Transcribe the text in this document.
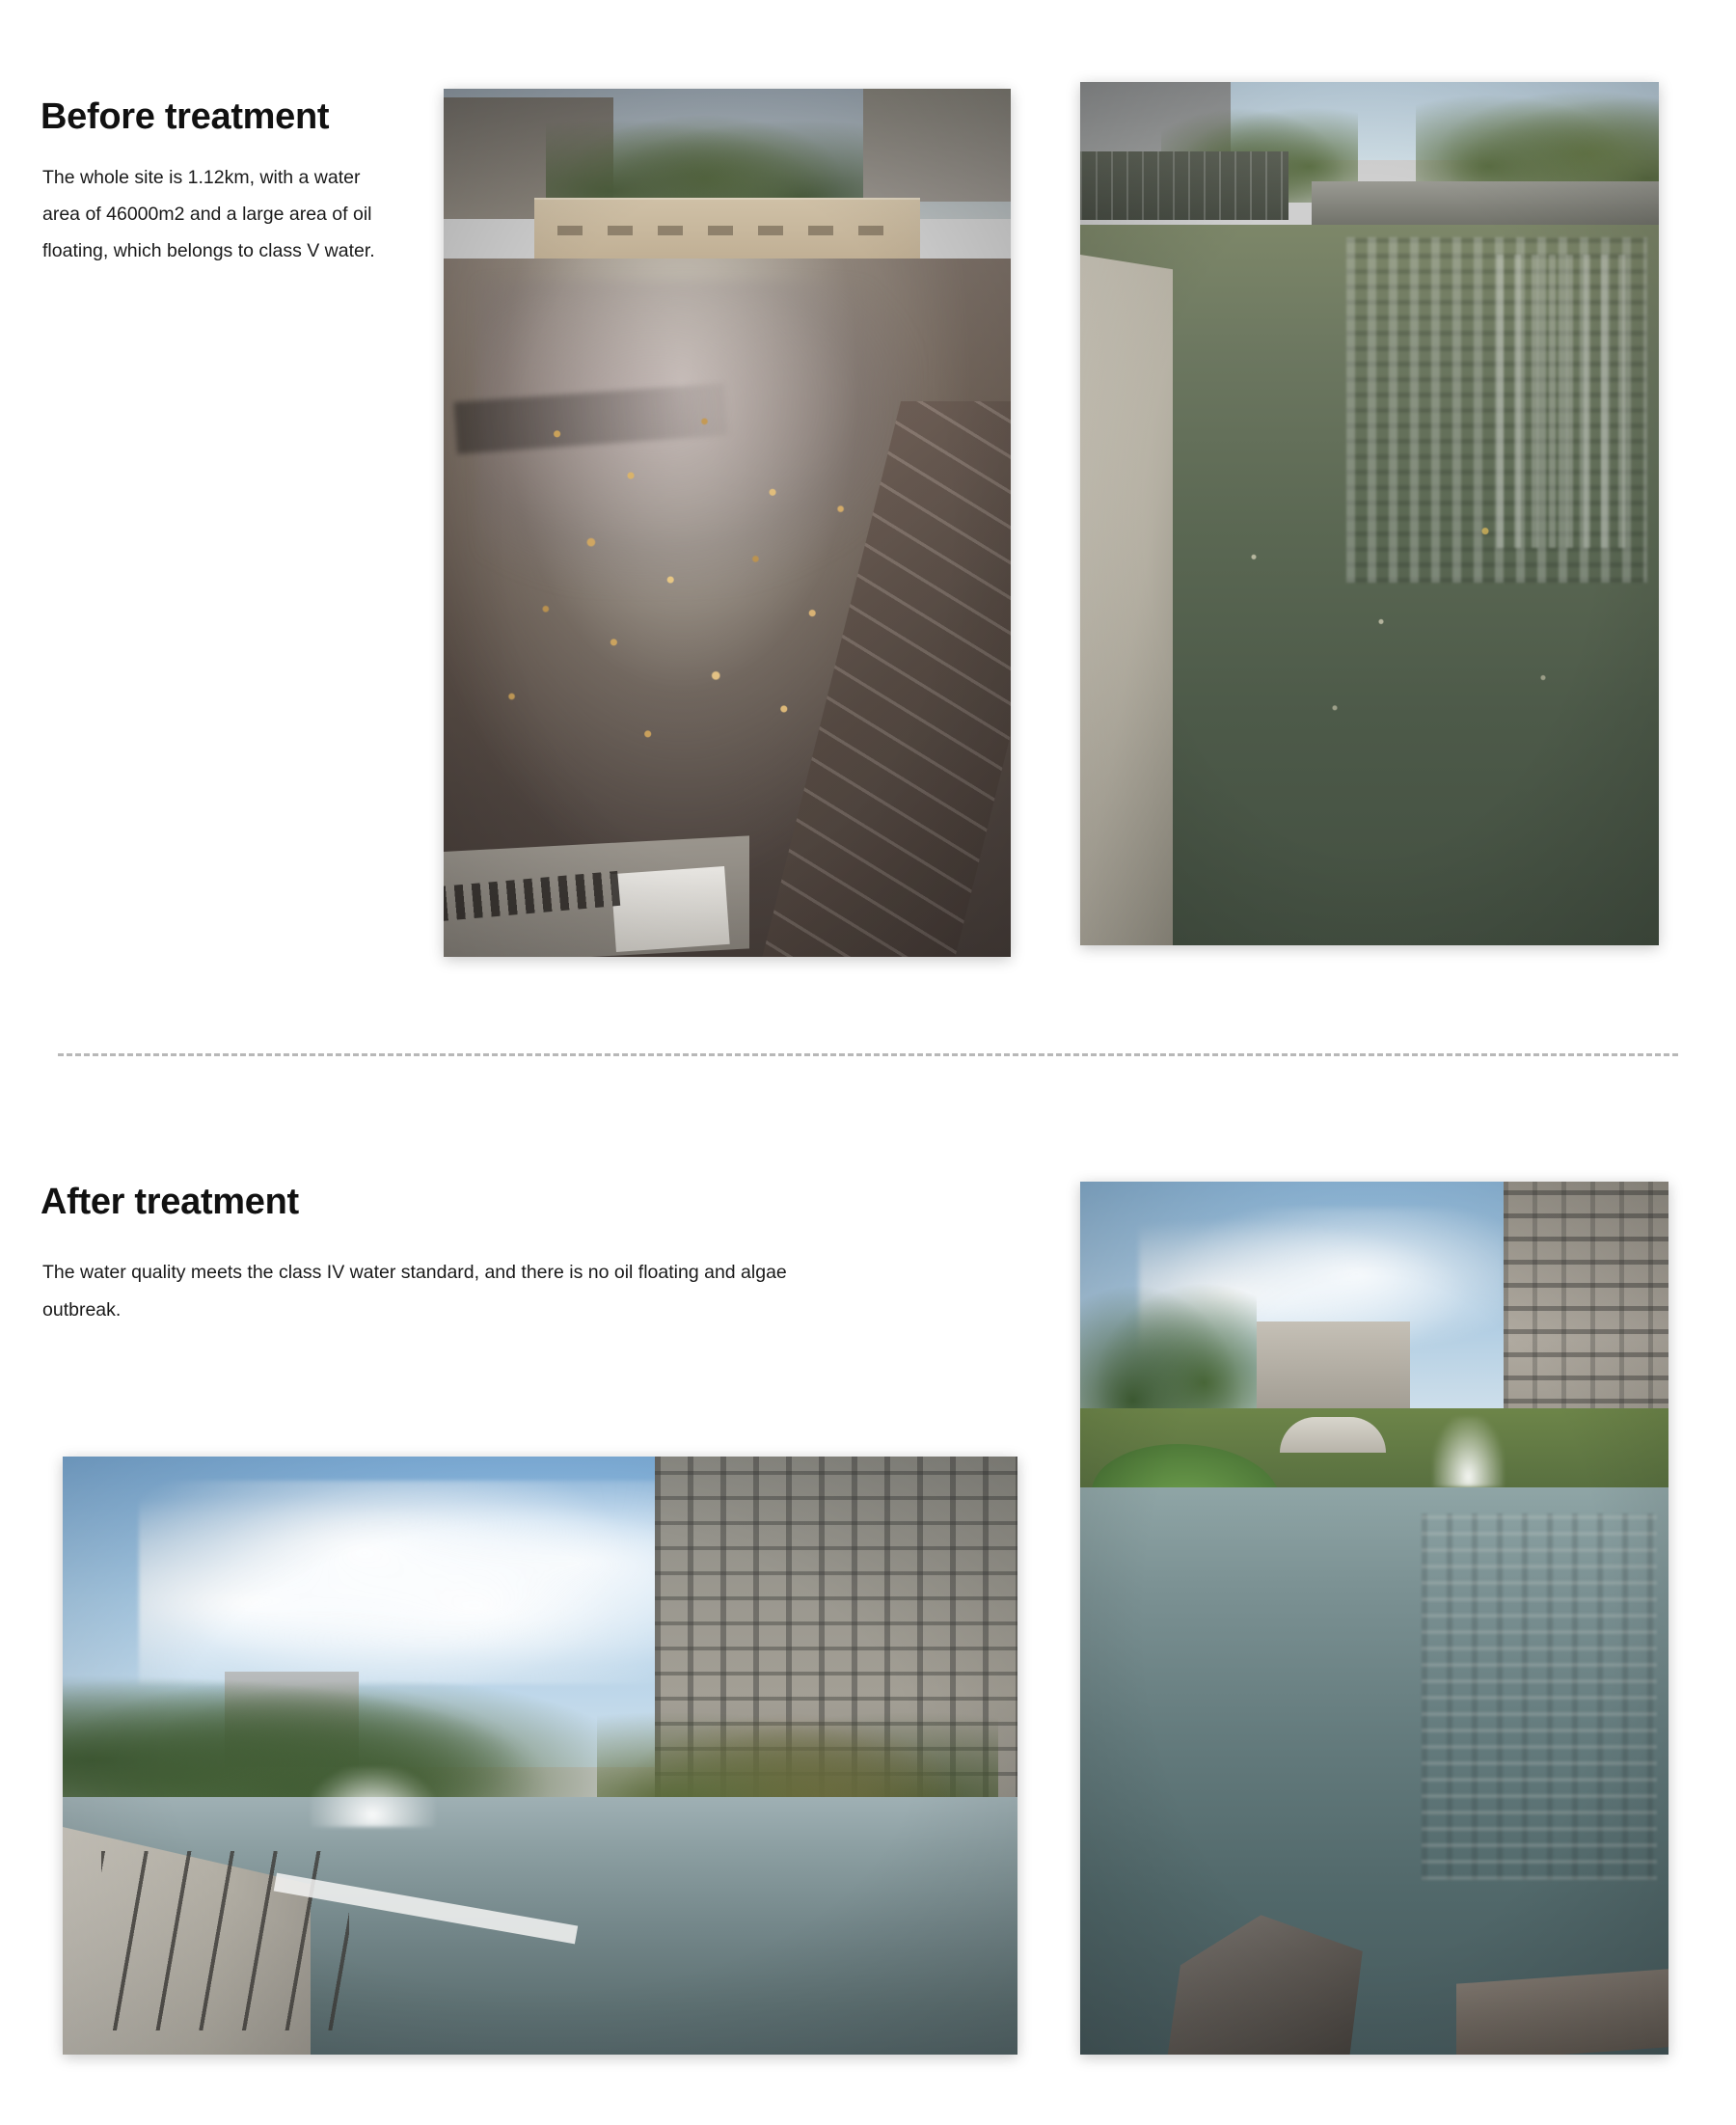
Before treatment
The whole site is 1.12km, with a water area of 46000m2 and a large area of oil floating, which belongs to class V water.
After treatment
The water quality meets the class IV water standard, and there is no oil floating and algae outbreak.
